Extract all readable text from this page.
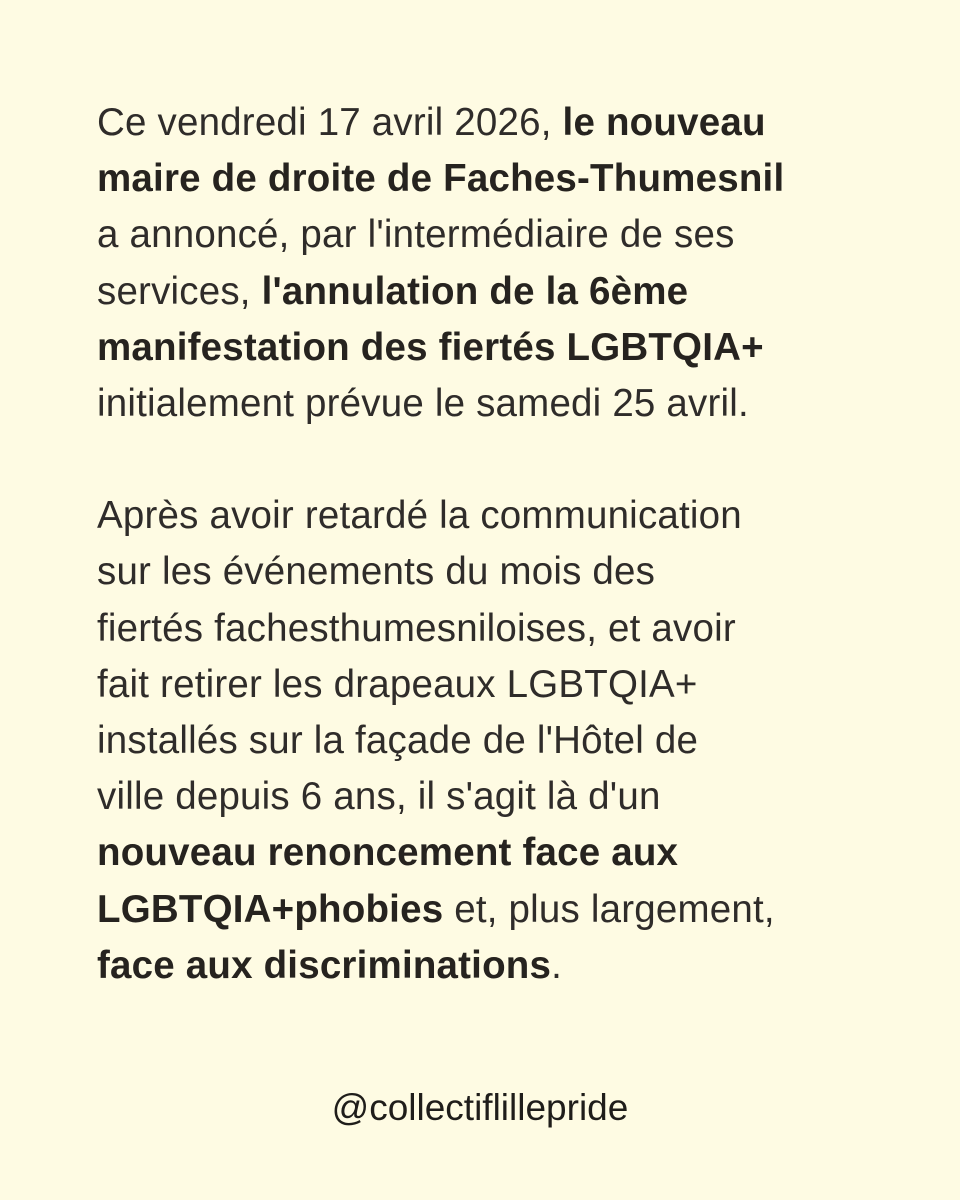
Ce vendredi 17 avril 2026, le nouveau
maire de droite de Faches-Thumesnil
a annoncé, par l'intermédiaire de ses
services, l'annulation de la 6ème
manifestation des fiertés LGBTQIA+
initialement prévue le samedi 25 avril.

Après avoir retardé la communication
sur les événements du mois des
fiertés fachesthumesniloises, et avoir
fait retirer les drapeaux LGBTQIA+
installés sur la façade de l'Hôtel de
ville depuis 6 ans, il s'agit là d'un
nouveau renoncement face aux
LGBTQIA+phobies et, plus largement,
face aux discriminations.

@collectiflillepride
